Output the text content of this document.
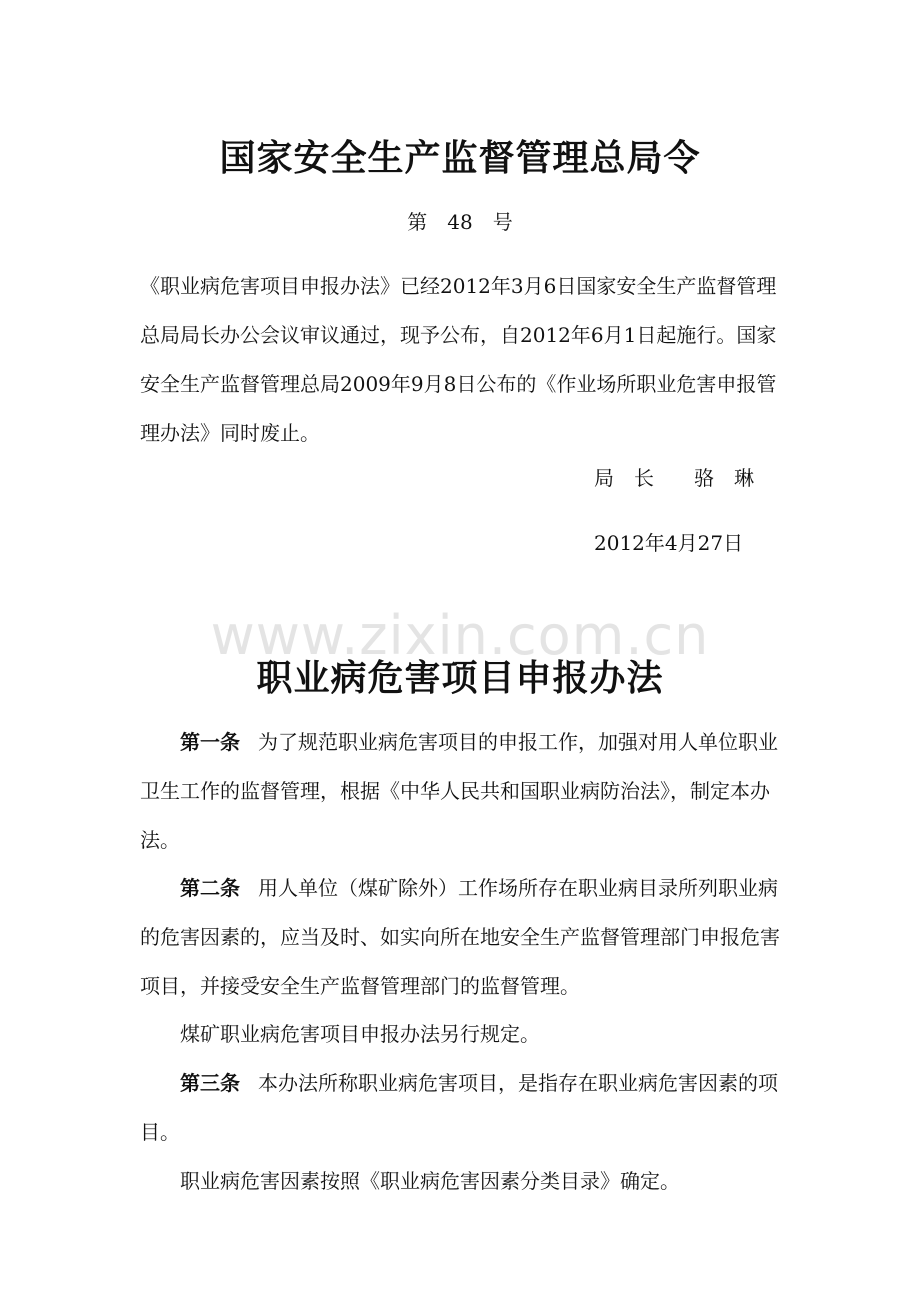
国家安全生产监督管理总局令
第　48　号

《职业病危害项目申报办法》已经2012年3月6日国家安全生产监督管理总局局长办公会议审议通过，现予公布，自2012年6月1日起施行。国家安全生产监督管理总局2009年9月8日公布的《作业场所职业危害申报管理办法》同时废止。

局　长　　骆　琳
2012年4月27日
www.zixin.com.cn
职业病危害项目申报办法

第一条 为了规范职业病危害项目的申报工作，加强对用人单位职业卫生工作的监督管理，根据《中华人民共和国职业病防治法》，制定本办法。

第二条 用人单位（煤矿除外）工作场所存在职业病目录所列职业病的危害因素的，应当及时、如实向所在地安全生产监督管理部门申报危害项目，并接受安全生产监督管理部门的监督管理。

煤矿职业病危害项目申报办法另行规定。

第三条 本办法所称职业病危害项目，是指存在职业病危害因素的项目。

职业病危害因素按照《职业病危害因素分类目录》确定。
